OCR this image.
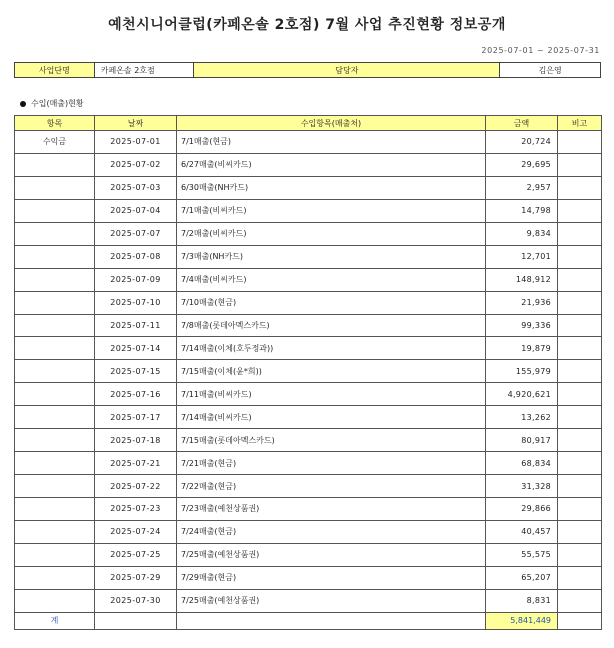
예천시니어클럽(카페온솔 2호점) 7월 사업 추진현황 정보공개
2025-07-01 ~ 2025-07-31
사업단명	카페온솔 2호점	담당자	김은영
수입(매출)현황
항목	날짜	수입항목(매출처)	금액	비고
수익금	2025-07-01	7/1매출(현금)	20,724	
	2025-07-02	6/27매출(비씨카드)	29,695	
	2025-07-03	6/30매출(NH카드)	2,957	
	2025-07-04	7/1매출(비씨카드)	14,798	
	2025-07-07	7/2매출(비씨카드)	9,834	
	2025-07-08	7/3매출(NH카드)	12,701	
	2025-07-09	7/4매출(비씨카드)	148,912	
	2025-07-10	7/10매출(현금)	21,936	
	2025-07-11	7/8매출(롯데아멕스카드)	99,336	
	2025-07-14	7/14매출(이체(호두정과))	19,879	
	2025-07-15	7/15매출(이체(윤*희))	155,979	
	2025-07-16	7/11매출(비씨카드)	4,920,621	
	2025-07-17	7/14매출(비씨카드)	13,262	
	2025-07-18	7/15매출(롯데아멕스카드)	80,917	
	2025-07-21	7/21매출(현금)	68,834	
	2025-07-22	7/22매출(현금)	31,328	
	2025-07-23	7/23매출(예천상품권)	29,866	
	2025-07-24	7/24매출(현금)	40,457	
	2025-07-25	7/25매출(예천상품권)	55,575	
	2025-07-29	7/29매출(현금)	65,207	
	2025-07-30	7/25매출(예천상품권)	8,831	
계			5,841,449	
